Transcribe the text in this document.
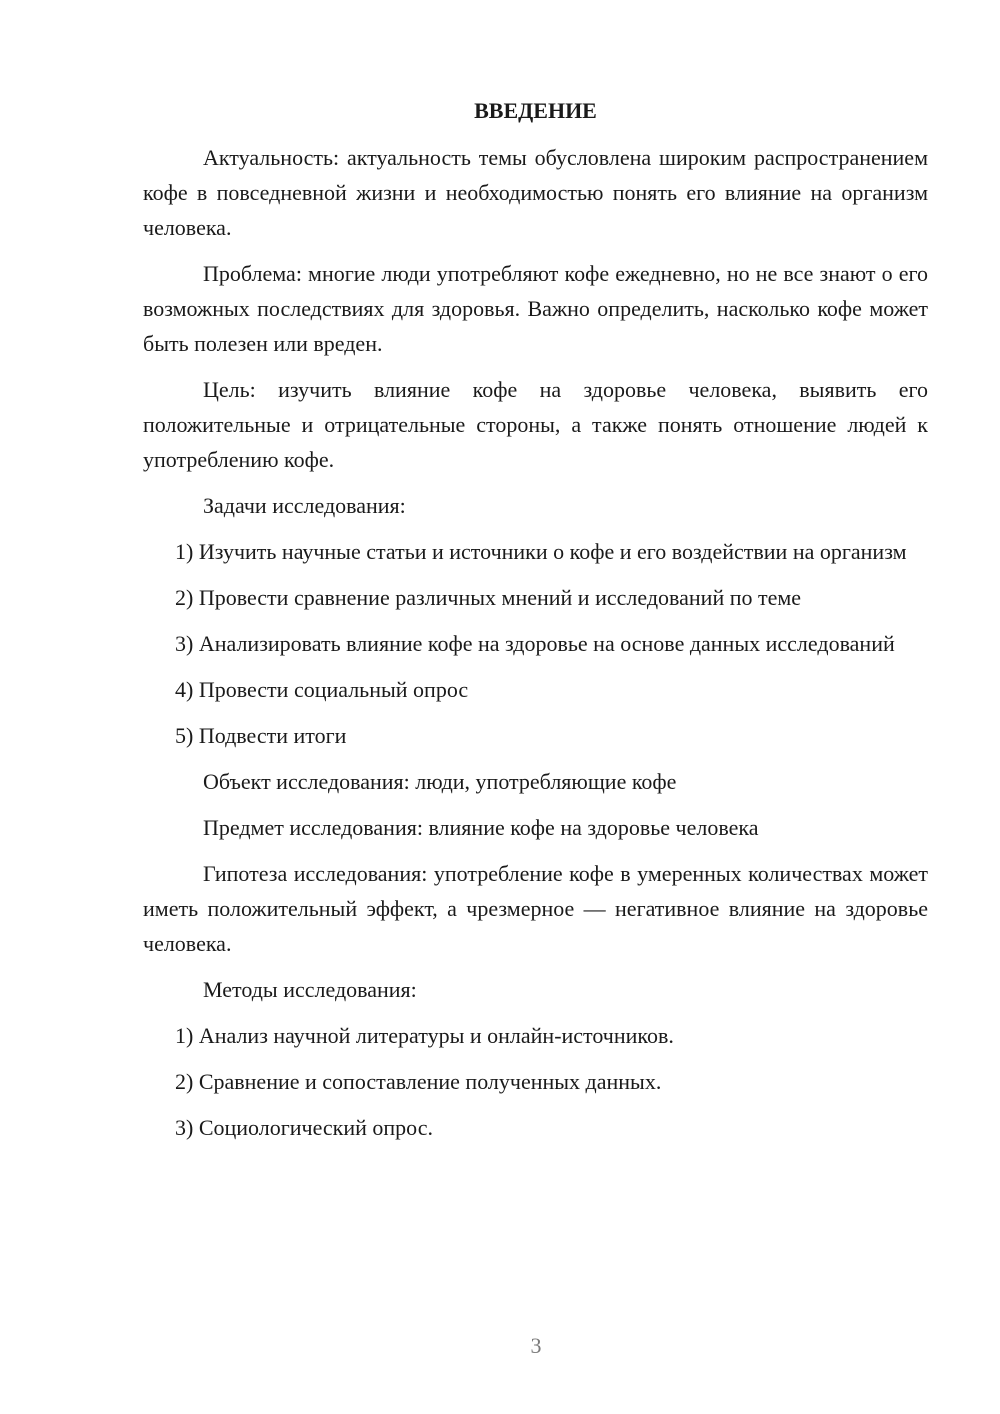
ВВЕДЕНИЕ

Актуальность: актуальность темы обусловлена широким распространением кофе в повседневной жизни и необходимостью понять его влияние на организм человека.

Проблема: многие люди употребляют кофе ежедневно, но не все знают о его возможных последствиях для здоровья. Важно определить, насколько кофе может быть полезен или вреден.

Цель: изучить влияние кофе на здоровье человека, выявить его положительные и отрицательные стороны, а также понять отношение людей к употреблению кофе.

Задачи исследования:

1) Изучить научные статьи и источники о кофе и его воздействии на организм

2) Провести сравнение различных мнений и исследований по теме

3) Анализировать влияние кофе на здоровье на основе данных исследований

4) Провести социальный опрос

5) Подвести итоги

Объект исследования: люди, употребляющие кофе

Предмет исследования: влияние кофе на здоровье человека

Гипотеза исследования: употребление кофе в умеренных количествах может иметь положительный эффект, а чрезмерное — негативное влияние на здоровье человека.

Методы исследования:

1) Анализ научной литературы и онлайн-источников.

2) Сравнение и сопоставление полученных данных.

3) Социологический опрос.

3
